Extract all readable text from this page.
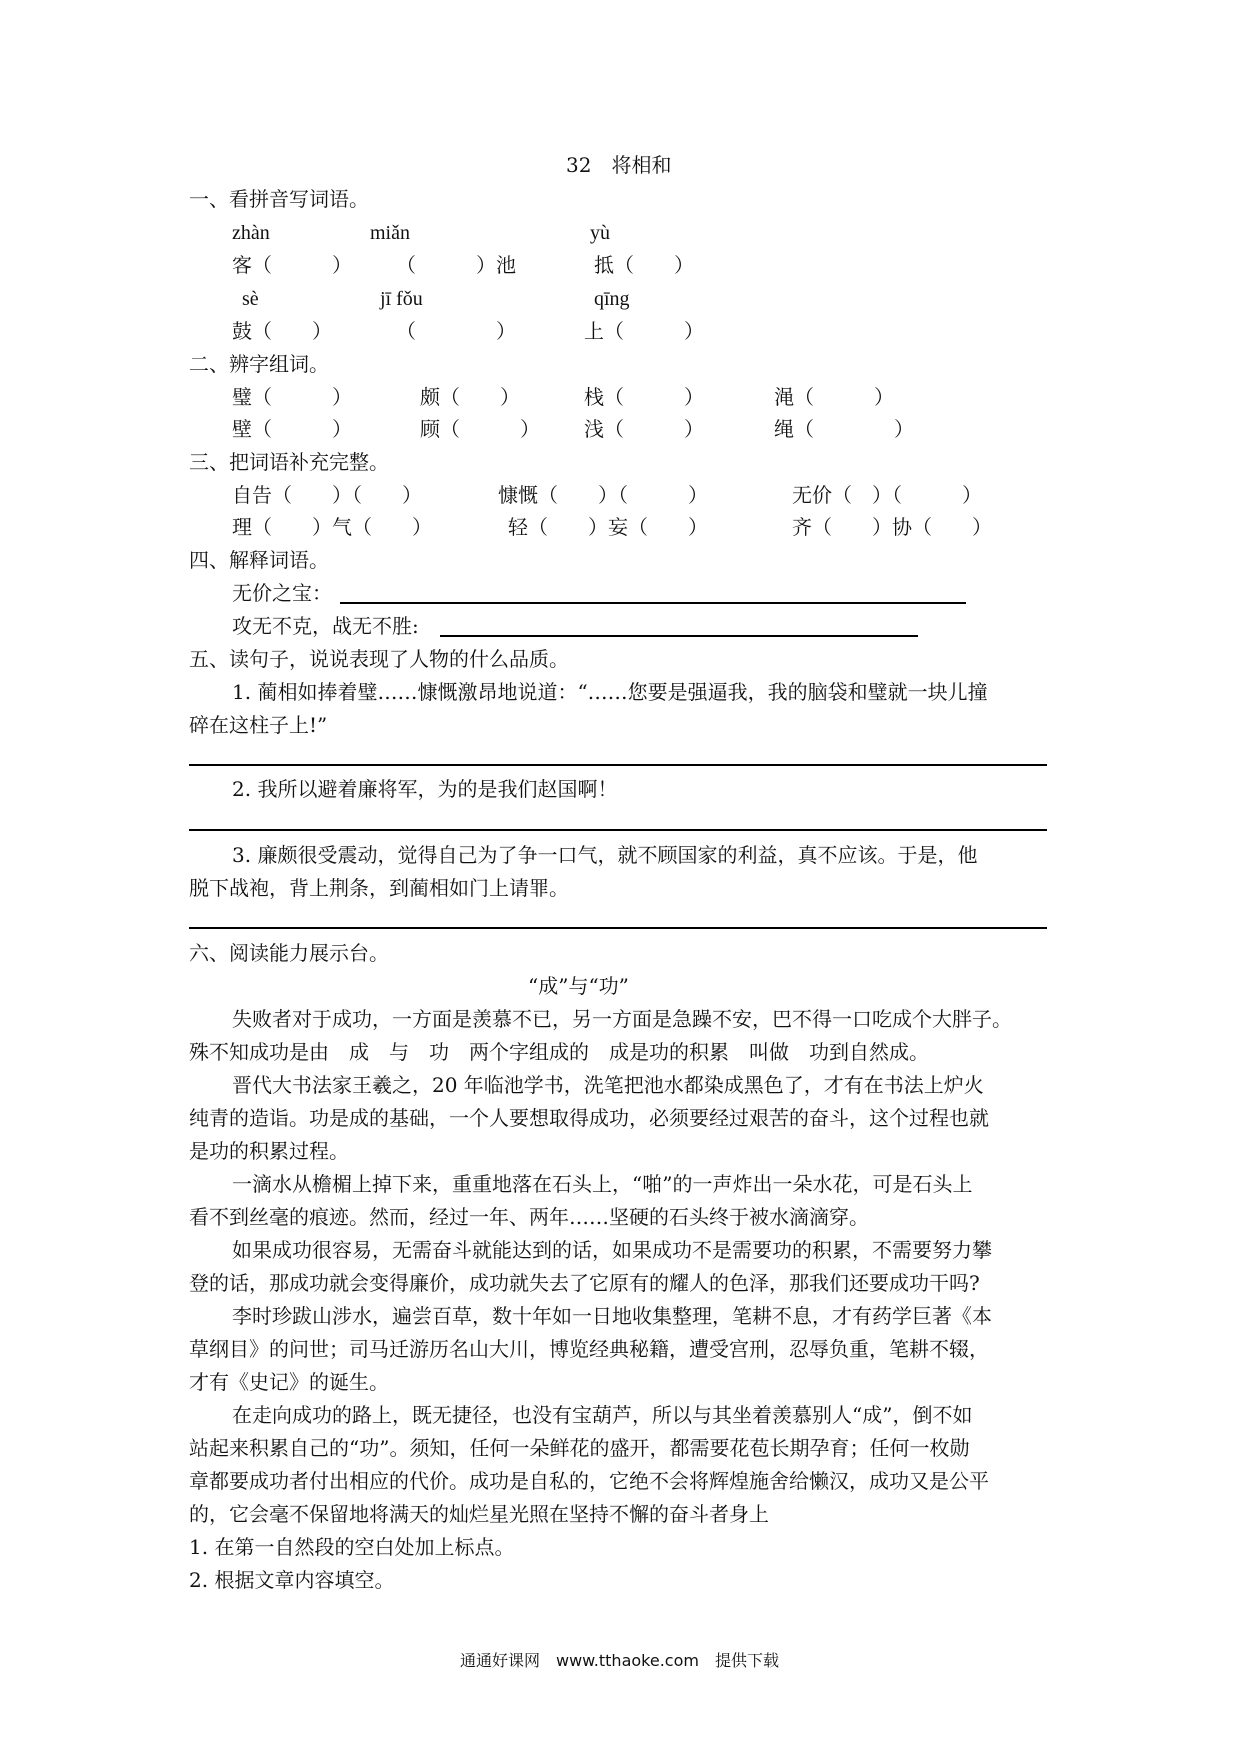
32　将相和
一、看拼音写词语。
zhàn	miǎn	yù
客（　　　） （　　　）池	抵（　　）
sè	jī fǒu	qīng
鼓（　　）	（　　　　）	上（　　　）
二、辨字组词。
璧（　　　）	颇（　　）	栈（　　　）	渑（　　　）
壁（　　　）	顾（　　　） 浅（　　　）	绳（　　　　）
三、把词语补充完整。
自告（　　）（　　）	慷慨（　　）（　　　）	无价（　）（　　　）
理（　　）气（　　）	轻（　　）妄（　　）	齐（　　）协（　　）
四、解释词语。
无价之宝：
攻无不克，战无不胜:
五、读句子，说说表现了人物的什么品质。
1. 蔺相如捧着璧……慷慨激昂地说道：“……您要是强逼我，我的脑袋和璧就一块儿撞
碎在这柱子上!”
2. 我所以避着廉将军，为的是我们赵国啊！
3. 廉颇很受震动，觉得自己为了争一口气，就不顾国家的利益，真不应该。于是，他
脱下战袍，背上荆条，到蔺相如门上请罪。
六、阅读能力展示台。
“成”与“功”
失败者对于成功，一方面是羡慕不已，另一方面是急躁不安，巴不得一口吃成个大胖子。
殊不知成功是由　成　与　功　两个字组成的　成是功的积累　叫做　功到自然成。
晋代大书法家王羲之，20 年临池学书，洗笔把池水都染成黑色了，才有在书法上炉火
纯青的造诣。功是成的基础，一个人要想取得成功，必须要经过艰苦的奋斗，这个过程也就
是功的积累过程。
一滴水从檐楣上掉下来，重重地落在石头上，“啪”的一声炸出一朵水花，可是石头上
看不到丝毫的痕迹。然而，经过一年、两年……坚硬的石头终于被水滴滴穿。
如果成功很容易，无需奋斗就能达到的话，如果成功不是需要功的积累，不需要努力攀
登的话，那成功就会变得廉价，成功就失去了它原有的耀人的色泽，那我们还要成功干吗?
李时珍跋山涉水，遍尝百草，数十年如一日地收集整理，笔耕不息，才有药学巨著《本
草纲目》的问世；司马迁游历名山大川，博览经典秘籍，遭受宫刑，忍辱负重，笔耕不辍，
才有《史记》的诞生。
在走向成功的路上，既无捷径，也没有宝葫芦，所以与其坐着羡慕别人“成”，倒不如
站起来积累自己的“功”。须知，任何一朵鲜花的盛开，都需要花苞长期孕育；任何一枚勋
章都要成功者付出相应的代价。成功是自私的，它绝不会将辉煌施舍给懒汉，成功又是公平
的，它会毫不保留地将满天的灿烂星光照在坚持不懈的奋斗者身上
1. 在第一自然段的空白处加上标点。
2. 根据文章内容填空。
通通好课网　www.tthaoke.com　提供下载
